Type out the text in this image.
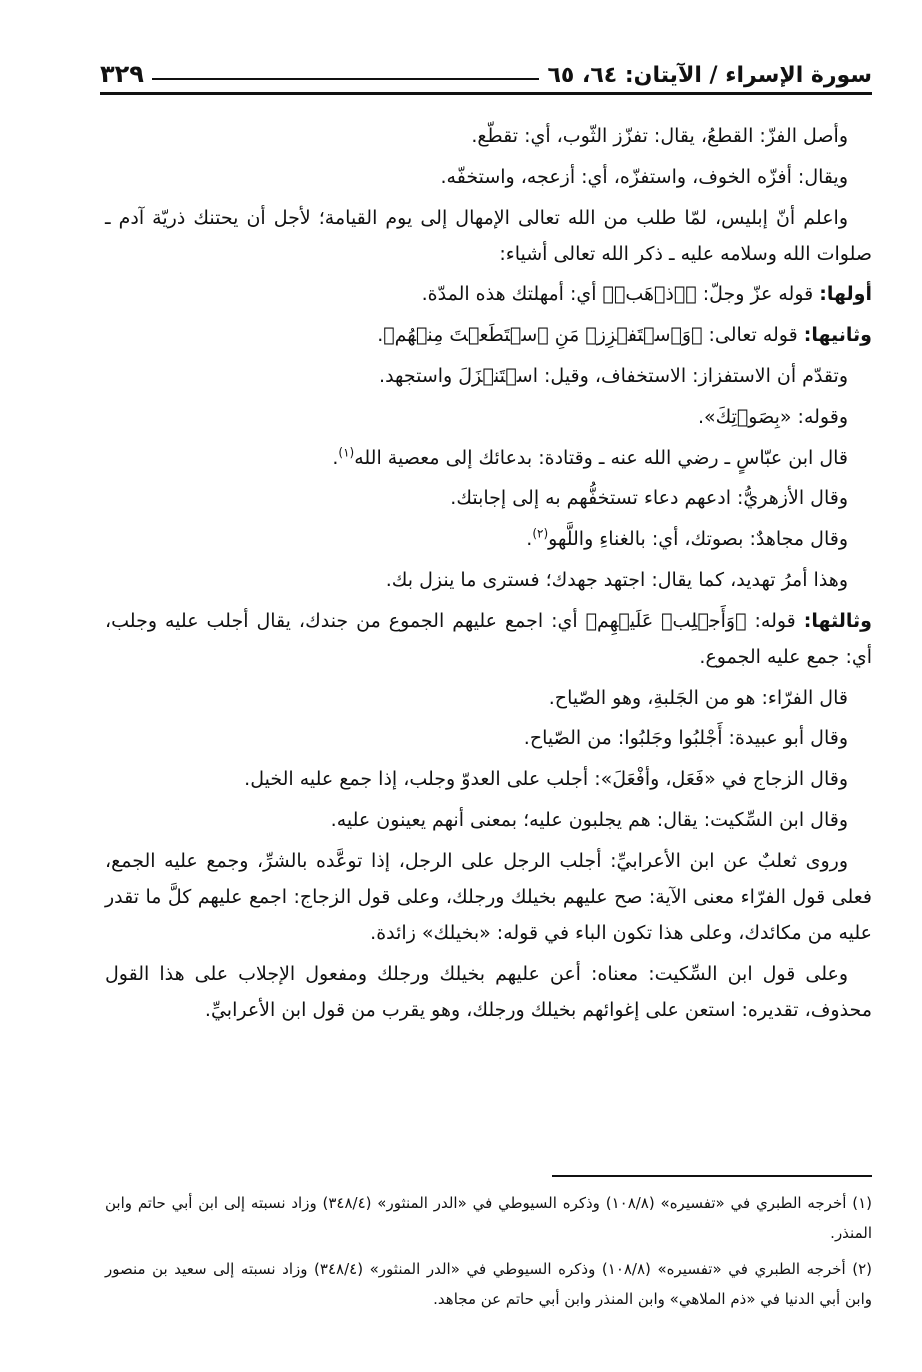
سورة الإسراء / الآيتان: ٦٤، ٦٥
٣٢٩

وأصل الفزّ: القطعُ، يقال: تفزّز الثّوب، أي: تقطّع.

ويقال: أفزّه الخوف، واستفزّه، أي: أزعجه، واستخفّه.

واعلم أنّ إبليس، لمّا طلب من الله تعالى الإمهال إلى يوم القيامة؛ لأجل أن يحتنك ذريّة آدم ـ صلوات الله وسلامه عليه ـ ذكر الله تعالى أشياء:

أولها: قوله عزّ وجلّ: ﴿ٱذۡهَبۡ﴾ أي: أمهلتك هذه المدّة.

وثانيها: قوله تعالى: ﴿وَٱسۡتَفۡزِزۡ مَنِ ٱسۡتَطَعۡتَ مِنۡهُم﴾.

وتقدّم أن الاستفزاز: الاستخفاف، وقيل: اسۡتَنۡزَلَ واستجهد.

وقوله: «بِصَوۡتِكَ».

قال ابن عبّاسٍ ـ رضي الله عنه ـ وقتادة: بدعائك إلى معصية الله$^{(١)}$.

وقال الأزهريُّ: ادعهم دعاء تستخفُّهم به إلى إجابتك.

وقال مجاهدٌ: بصوتك، أي: بالغناءِ واللَّهو$^{(٢)}$.

وهذا أمرُ تهديد، كما يقال: اجتهد جهدك؛ فسترى ما ينزل بك.

وثالثها: قوله: ﴿وَأَجۡلِبۡ عَلَيۡهِم﴾ أي: اجمع عليهم الجموع من جندك، يقال أجلب عليه وجلب، أي: جمع عليه الجموع.

قال الفرّاء: هو من الجَلبةِ، وهو الصّياح.

وقال أبو عبيدة: أَجْلبُوا وجَلبُوا: من الصّياح.

وقال الزجاج في «فَعَل، وأفْعَلَ»: أجلب على العدوّ وجلب، إذا جمع عليه الخيل.

وقال ابن السِّكيت: يقال: هم يجلبون عليه؛ بمعنى أنهم يعينون عليه.

وروى ثعلبٌ عن ابن الأعرابيِّ: أجلب الرجل على الرجل، إذا توعَّده بالشرِّ، وجمع عليه الجمع، فعلى قول الفرّاء معنى الآية: صح عليهم بخيلك ورجلك، وعلى قول الزجاج: اجمع عليهم كلَّ ما تقدر عليه من مكائدك، وعلى هذا تكون الباء في قوله: «بخيلك» زائدة.

وعلى قول ابن السِّكيت: معناه: أعن عليهم بخيلك ورجلك ومفعول الإجلاب على هذا القول محذوف، تقديره: استعن على إغوائهم بخيلك ورجلك، وهو يقرب من قول ابن الأعرابيِّ.

(١) أخرجه الطبري في «تفسيره» (١٠٨/٨) وذكره السيوطي في «الدر المنثور» (٣٤٨/٤) وزاد نسبته إلى ابن أبي حاتم وابن المنذر.

(٢) أخرجه الطبري في «تفسيره» (١٠٨/٨) وذكره السيوطي في «الدر المنثور» (٣٤٨/٤) وزاد نسبته إلى سعيد بن منصور وابن أبي الدنيا في «ذم الملاهي» وابن المنذر وابن أبي حاتم عن مجاهد.
